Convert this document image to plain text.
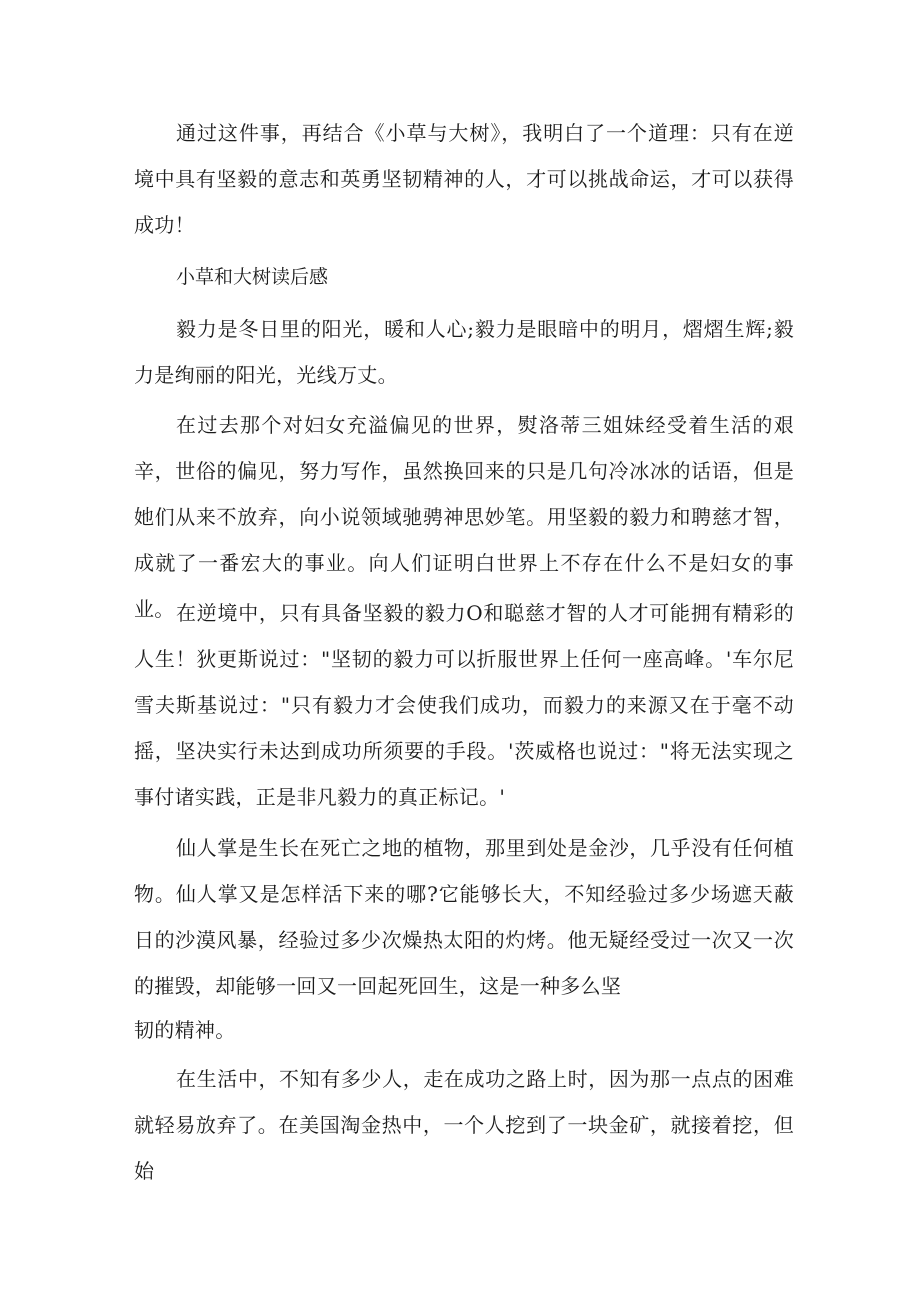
通过这件事，再结合《小草与大树》，我明白了一个道理：只有在逆境中具有坚毅的意志和英勇坚韧精神的人，才可以挑战命运，才可以获得成功！

小草和大树读后感

毅力是冬日里的阳光，暖和人心;毅力是眼暗中的明月，熠熠生辉;毅力是绚丽的阳光，光线万丈。

在过去那个对妇女充溢偏见的世界，熨洛蒂三姐妹经受着生活的艰辛，世俗的偏见，努力写作，虽然换回来的只是几句冷冰冰的话语，但是她们从来不放弃，向小说领域驰骋神思妙笔。用坚毅的毅力和聘慈才智，成就了一番宏大的事业。向人们证明白世界上不存在什么不是妇女的事业。 在逆境中，只有具备坚毅的毅力O和聪慈才智的人才可能拥有精彩的人生！狄更斯说过："坚韧的毅力可以折服世界上任何一座高峰。'车尔尼雪夫斯基说过："只有毅力才会使我们成功，而毅力的来源又在于毫不动摇，坚决实行未达到成功所须要的手段。'茨威格也说过："将无法实现之事付诸实践，正是非凡毅力的真正标记。'

仙人掌是生长在死亡之地的植物，那里到处是金沙，几乎没有任何植物。仙人掌又是怎样活下来的哪?它能够长大，不知经验过多少场遮天蔽日的沙漠风暴，经验过多少次燥热太阳的灼烤。他无疑经受过一次又一次的摧毁，却能够一回又一回起死回生，这是一种多么坚

韧的精神。

在生活中，不知有多少人，走在成功之路上时，因为那一点点的困难就轻易放弃了。在美国淘金热中，一个人挖到了一块金矿，就接着挖，但始
